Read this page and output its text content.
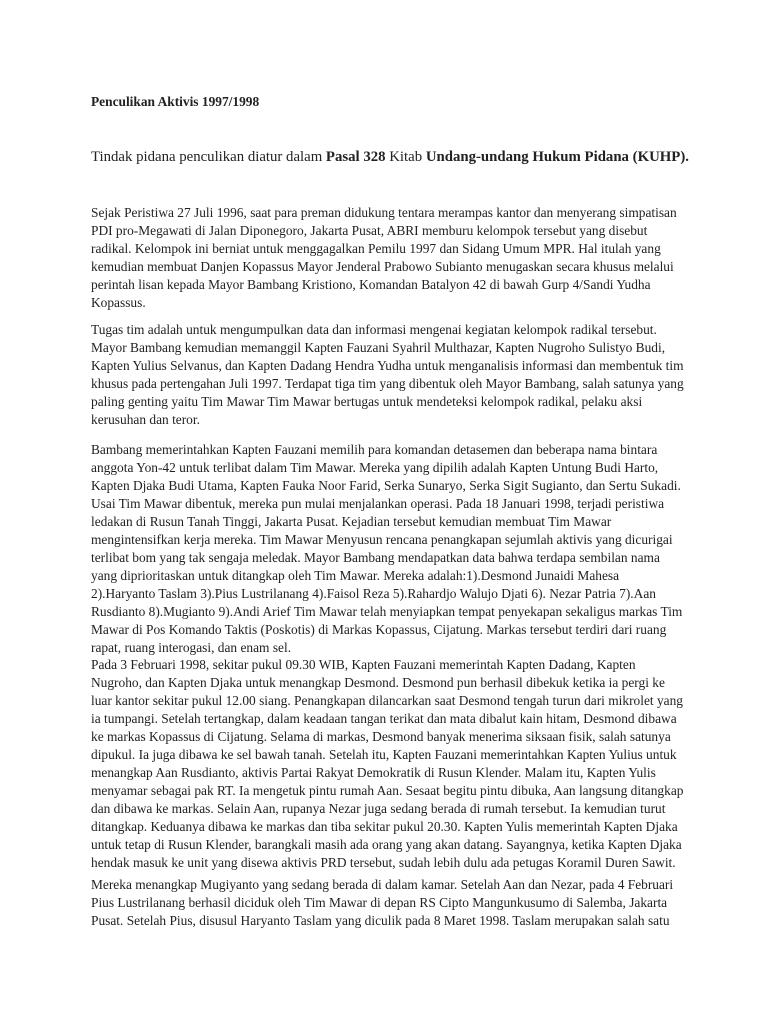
Penculikan Aktivis 1997/1998

Tindak pidana penculikan diatur dalam Pasal 328 Kitab Undang-undang Hukum Pidana (KUHP).

Sejak Peristiwa 27 Juli 1996, saat para preman didukung tentara merampas kantor dan menyerang simpatisan
PDI pro-Megawati di Jalan Diponegoro, Jakarta Pusat, ABRI memburu kelompok tersebut yang disebut
radikal. Kelompok ini berniat untuk menggagalkan Pemilu 1997 dan Sidang Umum MPR. Hal itulah yang
kemudian membuat Danjen Kopassus Mayor Jenderal Prabowo Subianto menugaskan secara khusus melalui
perintah lisan kepada Mayor Bambang Kristiono, Komandan Batalyon 42 di bawah Gurp 4/Sandi Yudha
Kopassus.

Tugas tim adalah untuk mengumpulkan data dan informasi mengenai kegiatan kelompok radikal tersebut.
Mayor Bambang kemudian memanggil Kapten Fauzani Syahril Multhazar, Kapten Nugroho Sulistyo Budi,
Kapten Yulius Selvanus, dan Kapten Dadang Hendra Yudha untuk menganalisis informasi dan membentuk tim
khusus pada pertengahan Juli 1997. Terdapat tiga tim yang dibentuk oleh Mayor Bambang, salah satunya yang
paling genting yaitu Tim Mawar Tim Mawar bertugas untuk mendeteksi kelompok radikal, pelaku aksi
kerusuhan dan teror.

Bambang memerintahkan Kapten Fauzani memilih para komandan detasemen dan beberapa nama bintara
anggota Yon-42 untuk terlibat dalam Tim Mawar. Mereka yang dipilih adalah Kapten Untung Budi Harto,
Kapten Djaka Budi Utama, Kapten Fauka Noor Farid, Serka Sunaryo, Serka Sigit Sugianto, dan Sertu Sukadi.
Usai Tim Mawar dibentuk, mereka pun mulai menjalankan operasi. Pada 18 Januari 1998, terjadi peristiwa
ledakan di Rusun Tanah Tinggi, Jakarta Pusat. Kejadian tersebut kemudian membuat Tim Mawar
mengintensifkan kerja mereka. Tim Mawar Menyusun rencana penangkapan sejumlah aktivis yang dicurigai
terlibat bom yang tak sengaja meledak. Mayor Bambang mendapatkan data bahwa terdapa sembilan nama
yang diprioritaskan untuk ditangkap oleh Tim Mawar. Mereka adalah:1).Desmond Junaidi Mahesa
2).Haryanto Taslam 3).Pius Lustrilanang 4).Faisol Reza 5).Rahardjo Walujo Djati 6). Nezar Patria 7).Aan
Rusdianto 8).Mugianto 9).Andi Arief Tim Mawar telah menyiapkan tempat penyekapan sekaligus markas Tim
Mawar di Pos Komando Taktis (Poskotis) di Markas Kopassus, Cijatung. Markas tersebut terdiri dari ruang
rapat, ruang interogasi, dan enam sel.

Pada 3 Februari 1998, sekitar pukul 09.30 WIB, Kapten Fauzani memerintah Kapten Dadang, Kapten
Nugroho, dan Kapten Djaka untuk menangkap Desmond. Desmond pun berhasil dibekuk ketika ia pergi ke
luar kantor sekitar pukul 12.00 siang. Penangkapan dilancarkan saat Desmond tengah turun dari mikrolet yang
ia tumpangi. Setelah tertangkap, dalam keadaan tangan terikat dan mata dibalut kain hitam, Desmond dibawa
ke markas Kopassus di Cijatung. Selama di markas, Desmond banyak menerima siksaan fisik, salah satunya
dipukul. Ia juga dibawa ke sel bawah tanah. Setelah itu, Kapten Fauzani memerintahkan Kapten Yulius untuk
menangkap Aan Rusdianto, aktivis Partai Rakyat Demokratik di Rusun Klender. Malam itu, Kapten Yulis
menyamar sebagai pak RT. Ia mengetuk pintu rumah Aan. Sesaat begitu pintu dibuka, Aan langsung ditangkap
dan dibawa ke markas. Selain Aan, rupanya Nezar juga sedang berada di rumah tersebut. Ia kemudian turut
ditangkap. Keduanya dibawa ke markas dan tiba sekitar pukul 20.30. Kapten Yulis memerintah Kapten Djaka
untuk tetap di Rusun Klender, barangkali masih ada orang yang akan datang. Sayangnya, ketika Kapten Djaka
hendak masuk ke unit yang disewa aktivis PRD tersebut, sudah lebih dulu ada petugas Koramil Duren Sawit.

Mereka menangkap Mugiyanto yang sedang berada di dalam kamar. Setelah Aan dan Nezar, pada 4 Februari
Pius Lustrilanang berhasil diciduk oleh Tim Mawar di depan RS Cipto Mangunkusumo di Salemba, Jakarta
Pusat. Setelah Pius, disusul Haryanto Taslam yang diculik pada 8 Maret 1998. Taslam merupakan salah satu
